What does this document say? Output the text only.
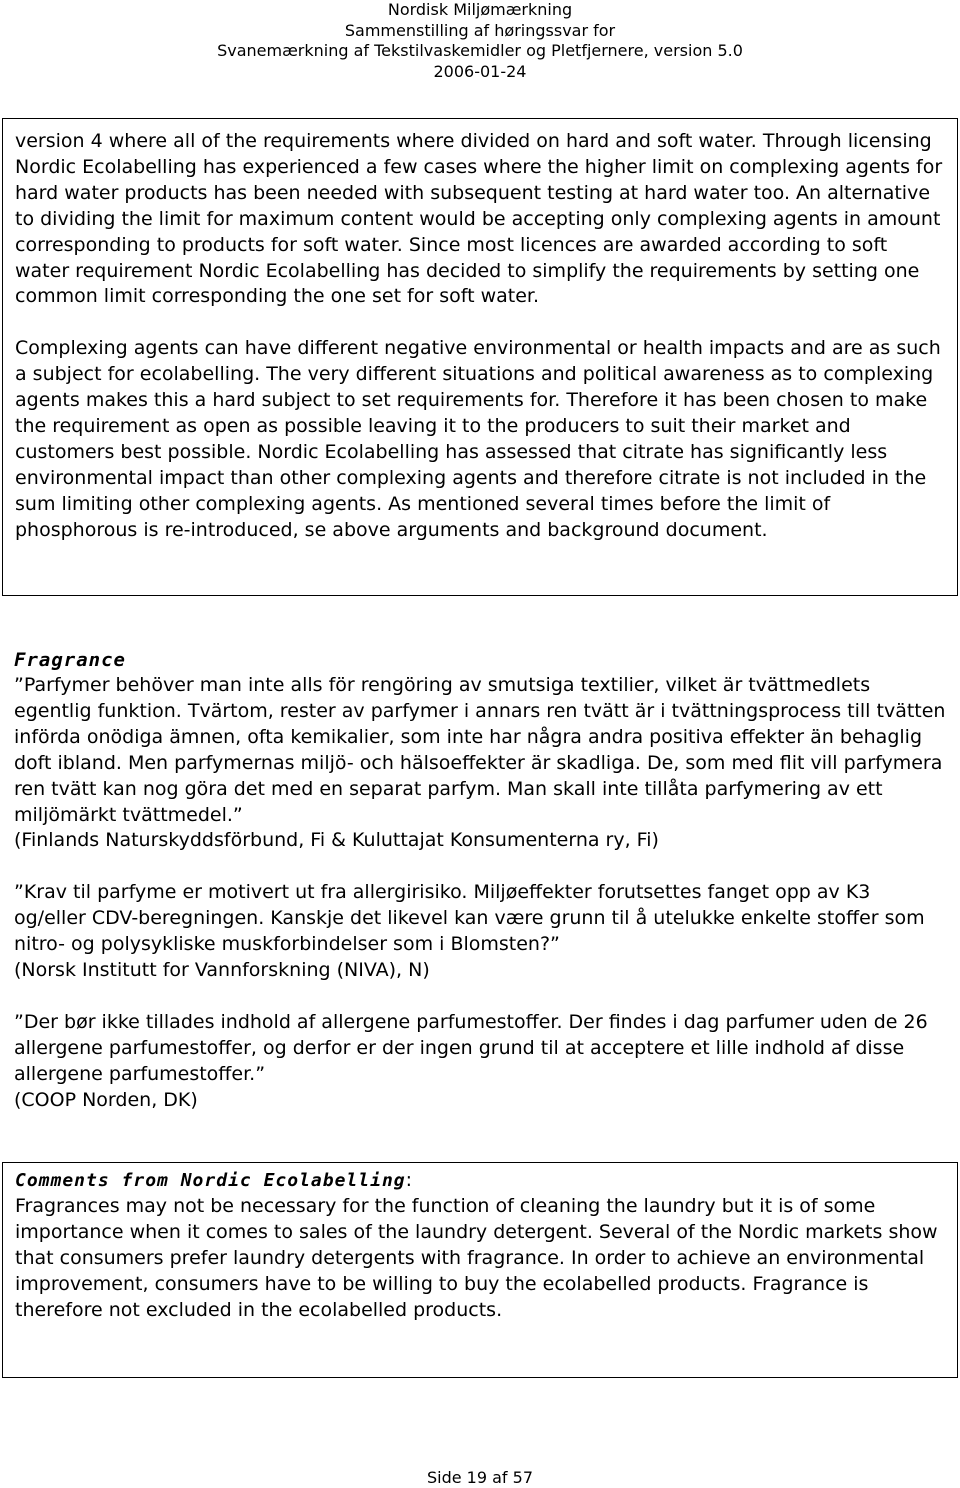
Nordisk Miljømærkning
Sammenstilling af høringssvar for
Svanemærkning af Tekstilvaskemidler og Pletfjernere, version 5.0
2006-01-24

version 4 where all of the requirements where divided on hard and soft water. Through licensing Nordic Ecolabelling has experienced a few cases where the higher limit on complexing agents for hard water products has been needed with subsequent testing at hard water too. An alternative to dividing the limit for maximum content would be accepting only complexing agents in amount corresponding to products for soft water. Since most licences are awarded according to soft water requirement Nordic Ecolabelling has decided to simplify the requirements by setting one common limit corresponding the one set for soft water.

Complexing agents can have different negative environmental or health impacts and are as such a subject for ecolabelling. The very different situations and political awareness as to complexing agents makes this a hard subject to set requirements for. Therefore it has been chosen to make the requirement as open as possible leaving it to the producers to suit their market and customers best possible. Nordic Ecolabelling has assessed that citrate has significantly less environmental impact than other complexing agents and therefore citrate is not included in the sum limiting other complexing agents. As mentioned several times before the limit of phosphorous is re-introduced, se above arguments and background document.

Fragrance

”Parfymer behöver man inte alls för rengöring av smutsiga textilier, vilket är tvättmedlets egentlig funktion. Tvärtom, rester av parfymer i annars ren tvätt är i tvättningsprocess till tvätten införda onödiga ämnen, ofta kemikalier, som inte har några andra positiva effekter än behaglig doft ibland. Men parfymernas miljö- och hälsoeffekter är skadliga. De, som med flit vill parfymera ren tvätt kan nog göra det med en separat parfym. Man skall inte tillåta parfymering av ett miljömärkt tvättmedel.”

(Finlands Naturskyddsförbund, Fi & Kuluttajat Konsumenterna ry, Fi)

”Krav til parfyme er motivert ut fra allergirisiko. Miljøeffekter forutsettes fanget opp av K3 og/eller CDV-beregningen. Kanskje det likevel kan være grunn til å utelukke enkelte stoffer som nitro- og polysykliske muskforbindelser som i Blomsten?”

(Norsk Institutt for Vannforskning (NIVA), N)

”Der bør ikke tillades indhold af allergene parfumestoffer. Der findes i dag parfumer uden de 26 allergene parfumestoffer, og derfor er der ingen grund til at acceptere et lille indhold af disse allergene parfumestoffer.”

(COOP Norden, DK)

Comments from Nordic Ecolabelling:

Fragrances may not be necessary for the function of cleaning the laundry but it is of some importance when it comes to sales of the laundry detergent. Several of the Nordic markets show that consumers prefer laundry detergents with fragrance. In order to achieve an environmental improvement, consumers have to be willing to buy the ecolabelled products. Fragrance is therefore not excluded in the ecolabelled products.

Side 19 af 57
